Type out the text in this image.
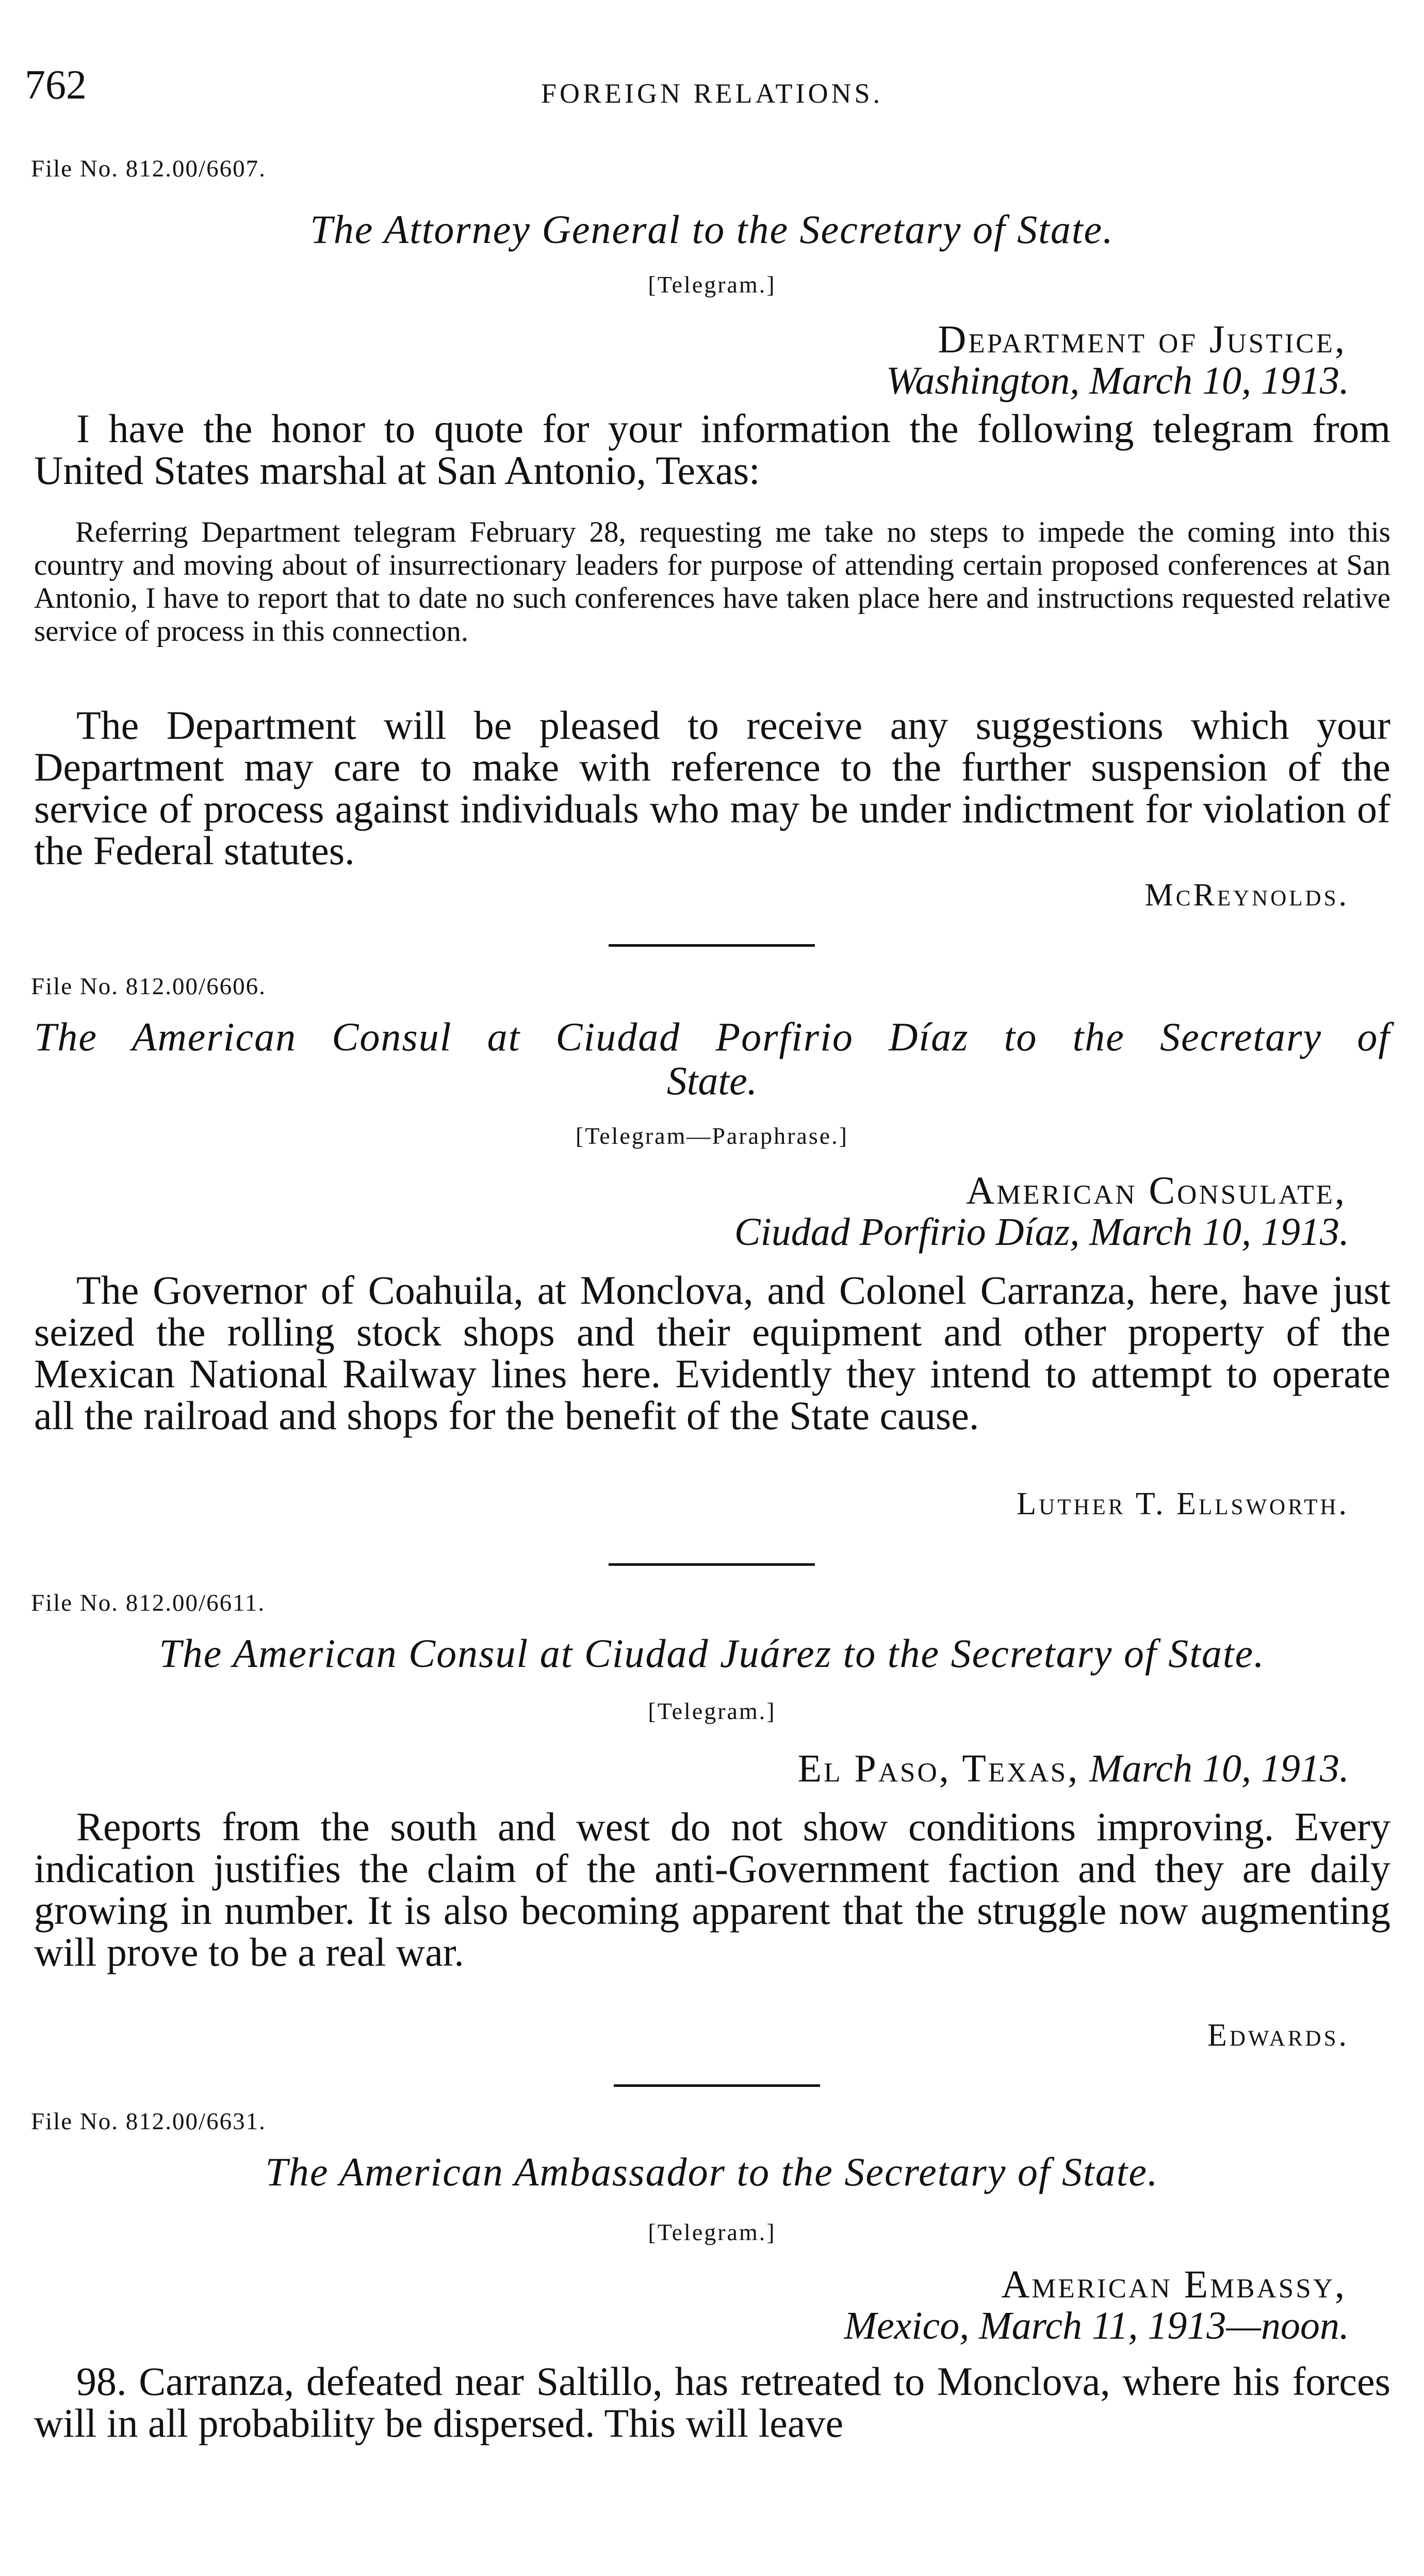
762	FOREIGN RELATIONS.
File No. 812.00/6607.
The Attorney General to the Secretary of State.
[Telegram.]
Department of Justice,
Washington, March 10, 1913.
I have the honor to quote for your information the following telegram from United States marshal at San Antonio, Texas:
Referring Department telegram February 28, requesting me take no steps to impede the coming into this country and moving about of insurrectionary leaders for purpose of attending certain proposed conferences at San Antonio, I have to report that to date no such conferences have taken place here and instructions requested relative service of process in this connection.
The Department will be pleased to receive any suggestions which your Department may care to make with reference to the further suspension of the service of process against individuals who may be under indictment for violation of the Federal statutes.
McReynolds.
File No. 812.00/6606.
The American Consul at Ciudad Porfirio Díaz to the Secretary of
State.
[Telegram—Paraphrase.]
American Consulate,
Ciudad Porfirio Díaz, March 10, 1913.
The Governor of Coahuila, at Monclova, and Colonel Carranza, here, have just seized the rolling stock shops and their equipment and other property of the Mexican National Railway lines here. Evidently they intend to attempt to operate all the railroad and shops for the benefit of the State cause.
Luther T. Ellsworth.
File No. 812.00/6611.
The American Consul at Ciudad Juárez to the Secretary of State.
[Telegram.]
El Paso, Texas, March 10, 1913.
Reports from the south and west do not show conditions improving. Every indication justifies the claim of the anti-Government faction and they are daily growing in number. It is also becoming apparent that the struggle now augmenting will prove to be a real war.
Edwards.
File No. 812.00/6631.
The American Ambassador to the Secretary of State.
[Telegram.]
American Embassy,
Mexico, March 11, 1913—noon.
98. Carranza, defeated near Saltillo, has retreated to Monclova, where his forces will in all probability be dispersed. This will leave
